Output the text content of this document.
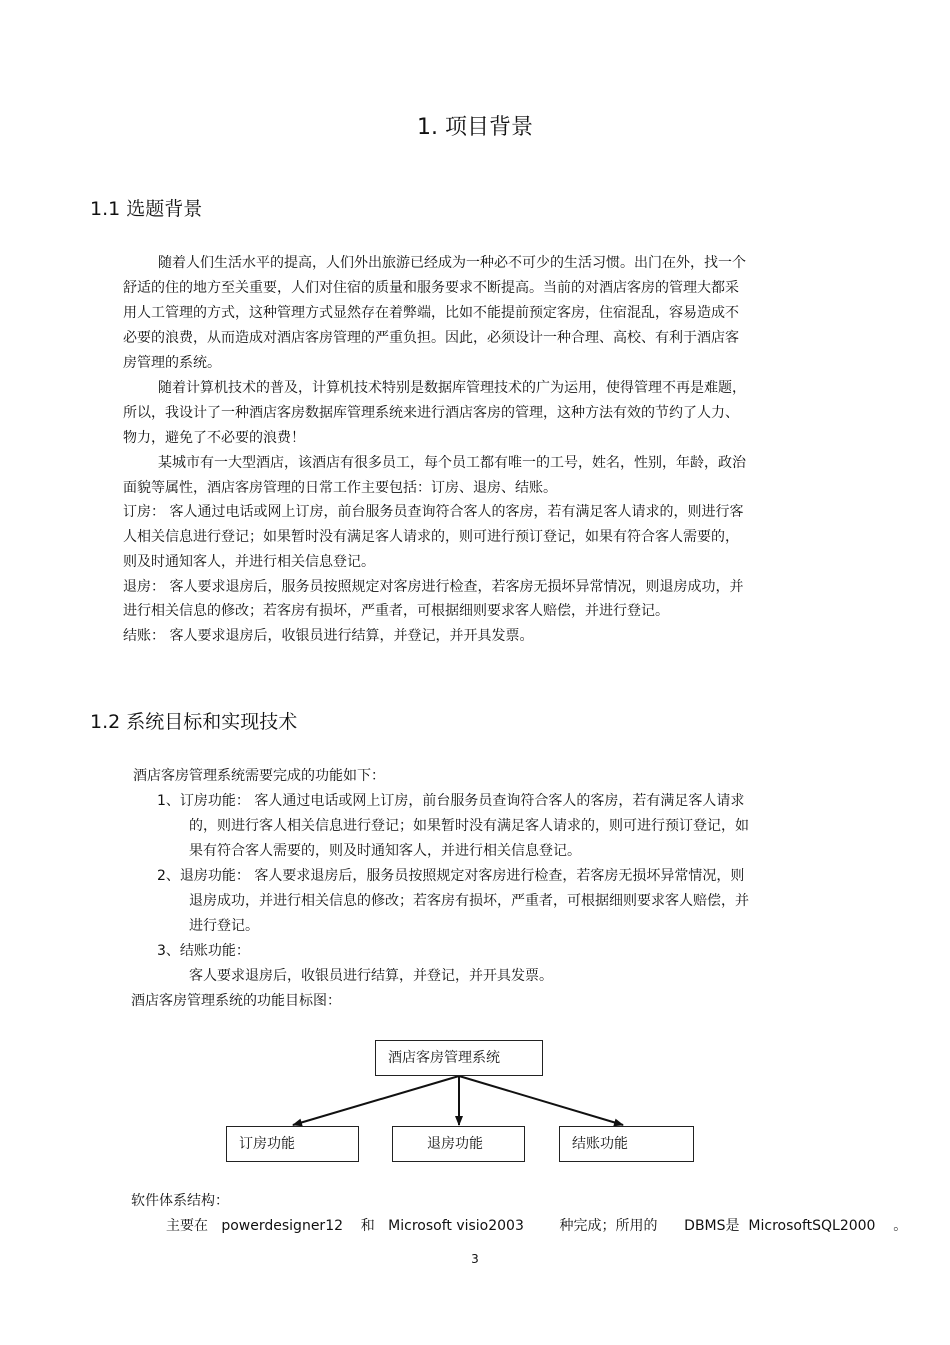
1. 项目背景
1.1 选题背景
随着人们生活水平的提高，人们外出旅游已经成为一种必不可少的生活习惯。出门在外，找一个
舒适的住的地方至关重要，人们对住宿的质量和服务要求不断提高。当前的对酒店客房的管理大都采
用人工管理的方式，这种管理方式显然存在着弊端，比如不能提前预定客房，住宿混乱，容易造成不
必要的浪费，从而造成对酒店客房管理的严重负担。因此，必须设计一种合理、高校、有利于酒店客
房管理的系统。
随着计算机技术的普及，计算机技术特别是数据库管理技术的广为运用，使得管理不再是难题，
所以，我设计了一种酒店客房数据库管理系统来进行酒店客房的管理，这种方法有效的节约了人力、
物力，避免了不必要的浪费！
某城市有一大型酒店，该酒店有很多员工，每个员工都有唯一的工号，姓名，性别，年龄，政治
面貌等属性，酒店客房管理的日常工作主要包括：订房、退房、结账。
订房： 客人通过电话或网上订房，前台服务员查询符合客人的客房，若有满足客人请求的，则进行客
人相关信息进行登记；如果暂时没有满足客人请求的，则可进行预订登记，如果有符合客人需要的，
则及时通知客人，并进行相关信息登记。
退房： 客人要求退房后，服务员按照规定对客房进行检查，若客房无损坏异常情况，则退房成功，并
进行相关信息的修改；若客房有损坏，严重者，可根据细则要求客人赔偿，并进行登记。
结账： 客人要求退房后，收银员进行结算，并登记，并开具发票。
1.2 系统目标和实现技术
酒店客房管理系统需要完成的功能如下：
1、订房功能： 客人通过电话或网上订房，前台服务员查询符合客人的客房，若有满足客人请求
的，则进行客人相关信息进行登记；如果暂时没有满足客人请求的，则可进行预订登记，如
果有符合客人需要的，则及时通知客人，并进行相关信息登记。
2、退房功能： 客人要求退房后，服务员按照规定对客房进行检查，若客房无损坏异常情况，则
退房成功，并进行相关信息的修改；若客房有损坏，严重者，可根据细则要求客人赔偿，并
进行登记。
3、结账功能：
客人要求退房后，收银员进行结算，并登记，并开具发票。
酒店客房管理系统的功能目标图：
酒店客房管理系统
订房功能	退房功能	结账功能
软件体系结构：
主要在   powerdesigner12    和   Microsoft visio2003        种完成；所用的      DBMS是  MicrosoftSQL2000    。
3
